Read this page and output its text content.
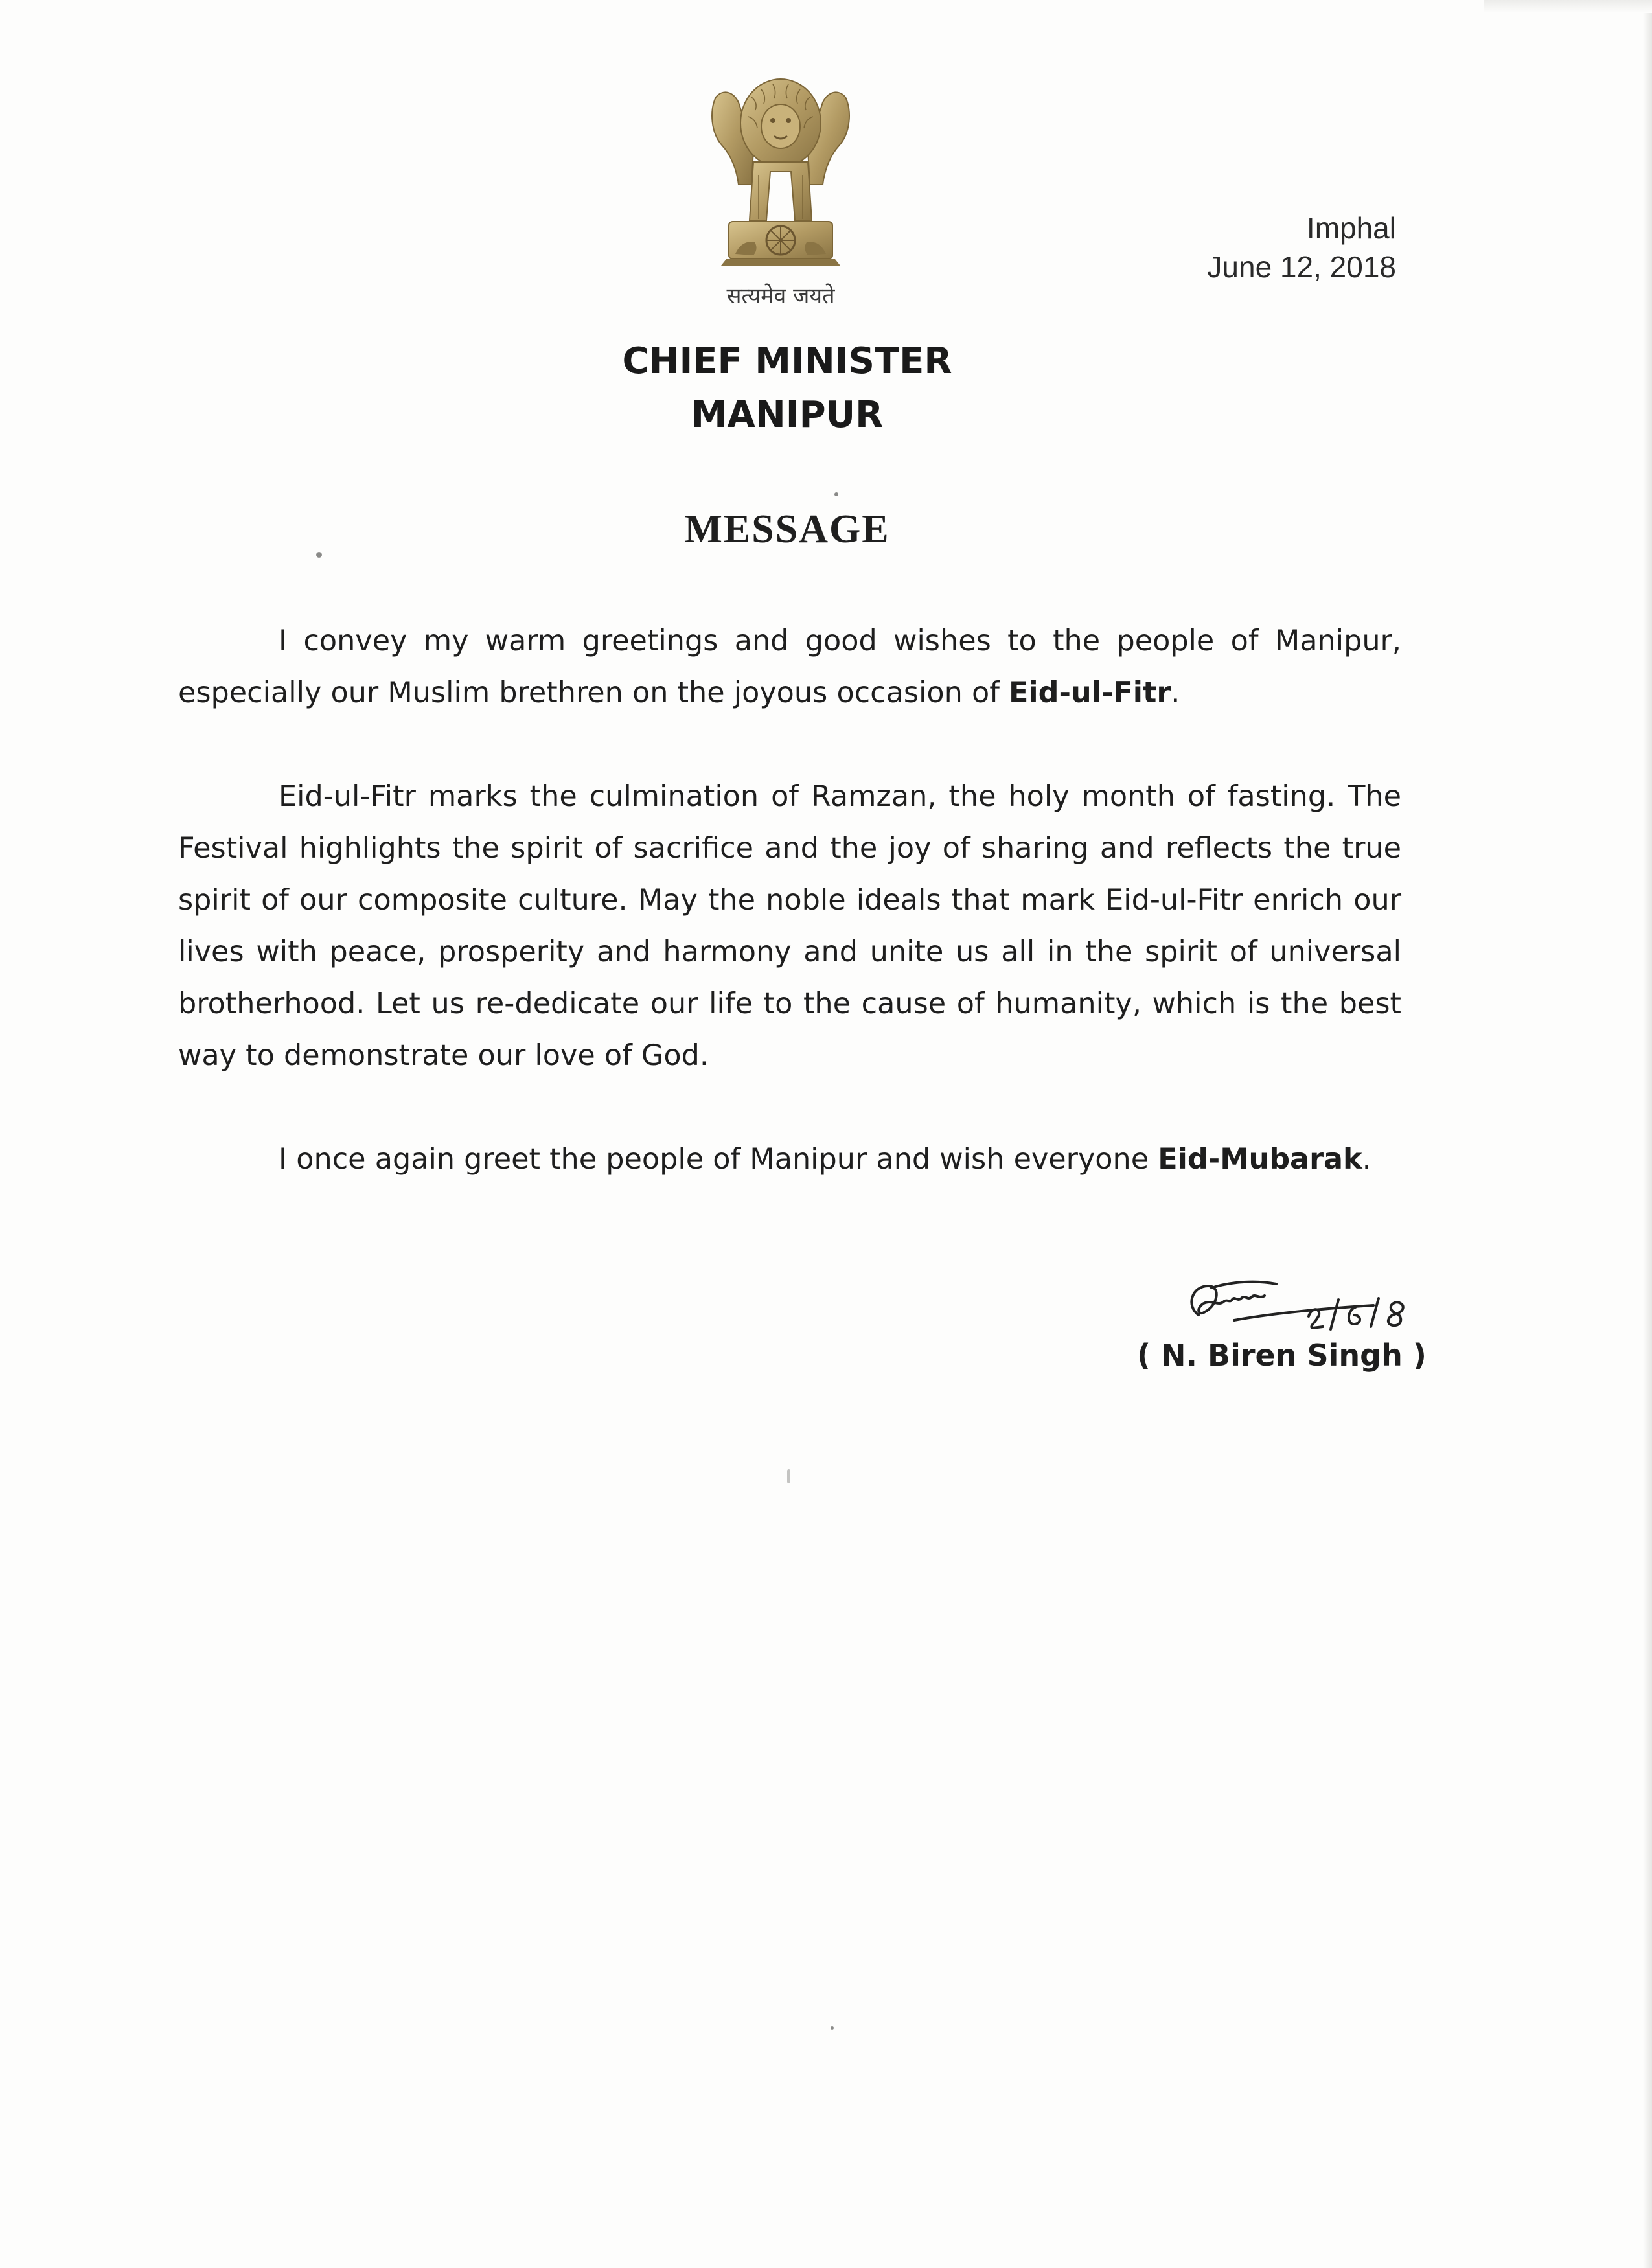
सत्यमेव जयते
Imphal
June 12, 2018
CHIEF MINISTER
MANIPUR
MESSAGE

I convey my warm greetings and good wishes to the people of Manipur, especially our Muslim brethren on the joyous occasion of Eid-ul-Fitr.

Eid-ul-Fitr marks the culmination of Ramzan, the holy month of fasting. The Festival highlights the spirit of sacrifice and the joy of sharing and reflects the true spirit of our composite culture. May the noble ideals that mark Eid-ul-Fitr enrich our lives with peace, prosperity and harmony and unite us all in the spirit of universal brotherhood. Let us re-dedicate our life to the cause of humanity, which is the best way to demonstrate our love of God.

I once again greet the people of Manipur and wish everyone Eid-Mubarak.

( N. Biren Singh )
